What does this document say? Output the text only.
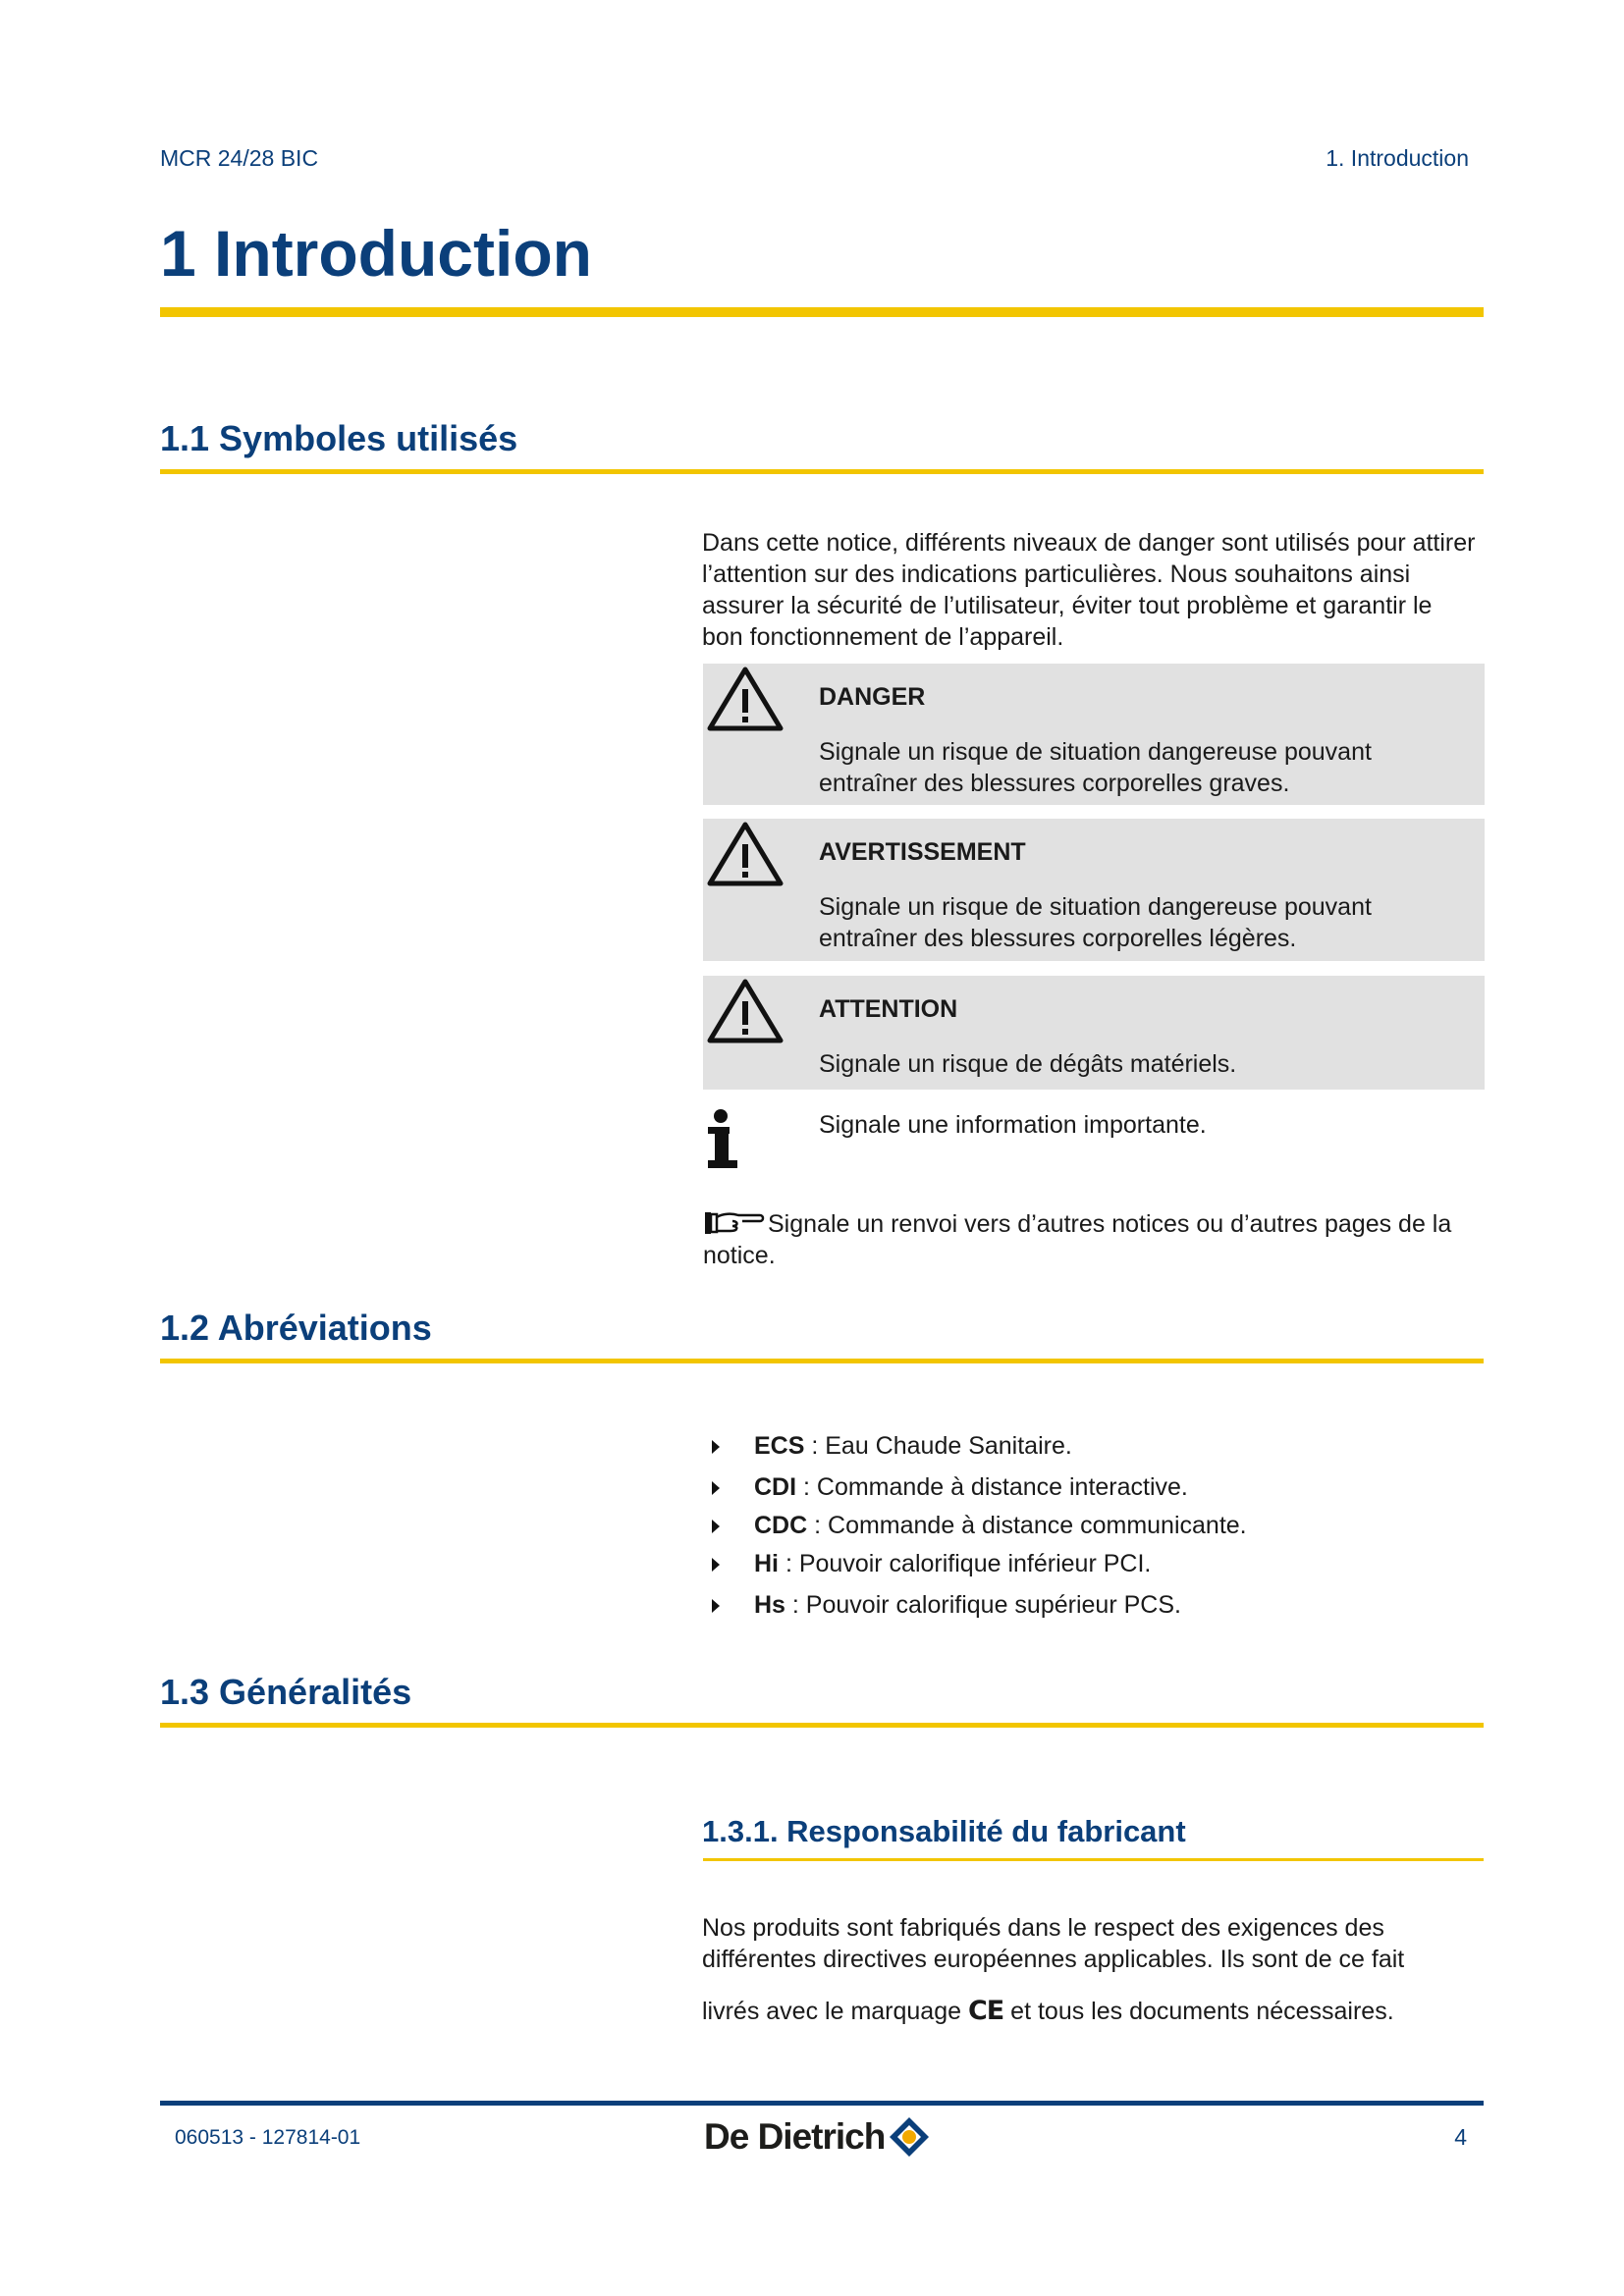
MCR 24/28 BIC	1. Introduction
1 Introduction
1.1 Symboles utilisés

Dans cette notice, différents niveaux de danger sont utilisés pour attirer l’attention sur des indications particulières. Nous souhaitons ainsi assurer la sécurité de l’utilisateur, éviter tout problème et garantir le bon fonctionnement de l’appareil.

DANGER
Signale un risque de situation dangereuse pouvant entraîner des blessures corporelles graves.
AVERTISSEMENT
Signale un risque de situation dangereuse pouvant entraîner des blessures corporelles légères.
ATTENTION
Signale un risque de dégâts matériels.
Signale une information importante.
Signale un renvoi vers d’autres notices ou d’autres pages de la notice.
1.2 Abréviations
ECS : Eau Chaude Sanitaire.
CDI : Commande à distance interactive.
CDC : Commande à distance communicante.
Hi : Pouvoir calorifique inférieur PCI.
Hs : Pouvoir calorifique supérieur PCS.
1.3 Généralités
1.3.1. Responsabilité du fabricant

Nos produits sont fabriqués dans le respect des exigences des différentes directives européennes applicables. Ils sont de ce fait

livrés avec le marquage CE et tous les documents nécessaires.
060513 - 127814-01	De Dietrich	4
